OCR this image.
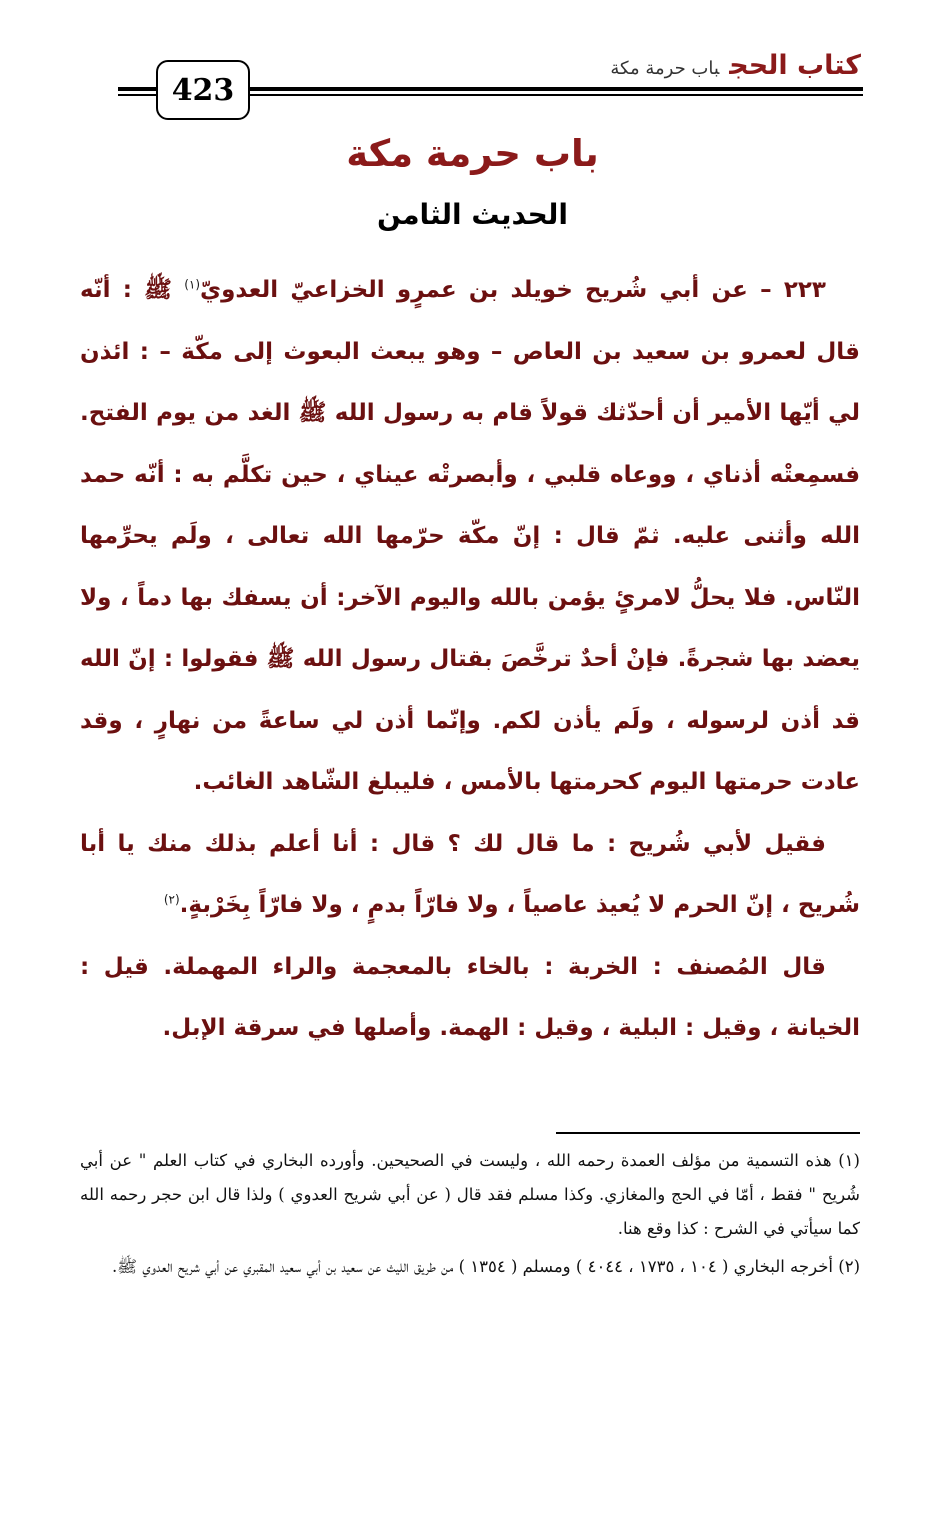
423
كتاب الحجباب حرمة مكة
باب حرمة مكة
الحديث الثامن

٢٢٣ – عن أبي شُريح خويلد بن عمرٍو الخزاعيّ العدويّ$^{(١)}$ ﷺ : أنّه قال لعمرو بن سعيد بن العاص – وهو يبعث البعوث إلى مكّة – : ائذن لي أيّها الأمير أن أحدّثك قولاً قام به رسول الله ﷺ الغد من يوم الفتح. فسمِعتْه أذناي ، ووعاه قلبي ، وأبصرتْه عيناي ، حين تكلَّم به : أنّه حمد الله وأثنى عليه. ثمّ قال : إنّ مكّة حرّمها الله تعالى ، ولَم يحرِّمها النّاس. فلا يحلُّ لامرئٍ يؤمن بالله واليوم الآخر: أن يسفك بها دماً ، ولا يعضد بها شجرةً. فإنْ أحدٌ ترخَّصَ بقتال رسول الله ﷺ فقولوا : إنّ الله قد أذن لرسوله ، ولَم يأذن لكم. وإنّما أذن لي ساعةً من نهارٍ ، وقد عادت حرمتها اليوم كحرمتها بالأمس ، فليبلغ الشّاهد الغائب.

فقيل لأبي شُريح : ما قال لك ؟ قال : أنا أعلم بذلك منك يا أبا شُريح ، إنّ الحرم لا يُعيذ عاصياً ، ولا فارّاً بدمٍ ، ولا فارّاً بِخَرْبةٍ.$^{(٢)}$

قال المُصنف : الخربة : بالخاء بالمعجمة والراء المهملة. قيل : الخيانة ، وقيل : البلية ، وقيل : الهمة. وأصلها في سرقة الإبل.

(١) هذه التسمية من مؤلف العمدة رحمه الله ، وليست في الصحيحين. وأورده البخاري في كتاب العلم " عن أبي شُريح " فقط ، أمّا في الحج والمغازي. وكذا مسلم فقد قال ( عن أبي شريح العدوي ) ولذا قال ابن حجر رحمه الله كما سيأتي في الشرح : كذا وقع هنا.

(٢) أخرجه البخاري ( ١٠٤ ، ١٧٣٥ ، ٤٠٤٤ ) ومسلم ( ١٣٥٤ ) من طريق الليث عن سعيد بن أبي سعيد المقبري عن أبي شريح العدوي ﷺ.
